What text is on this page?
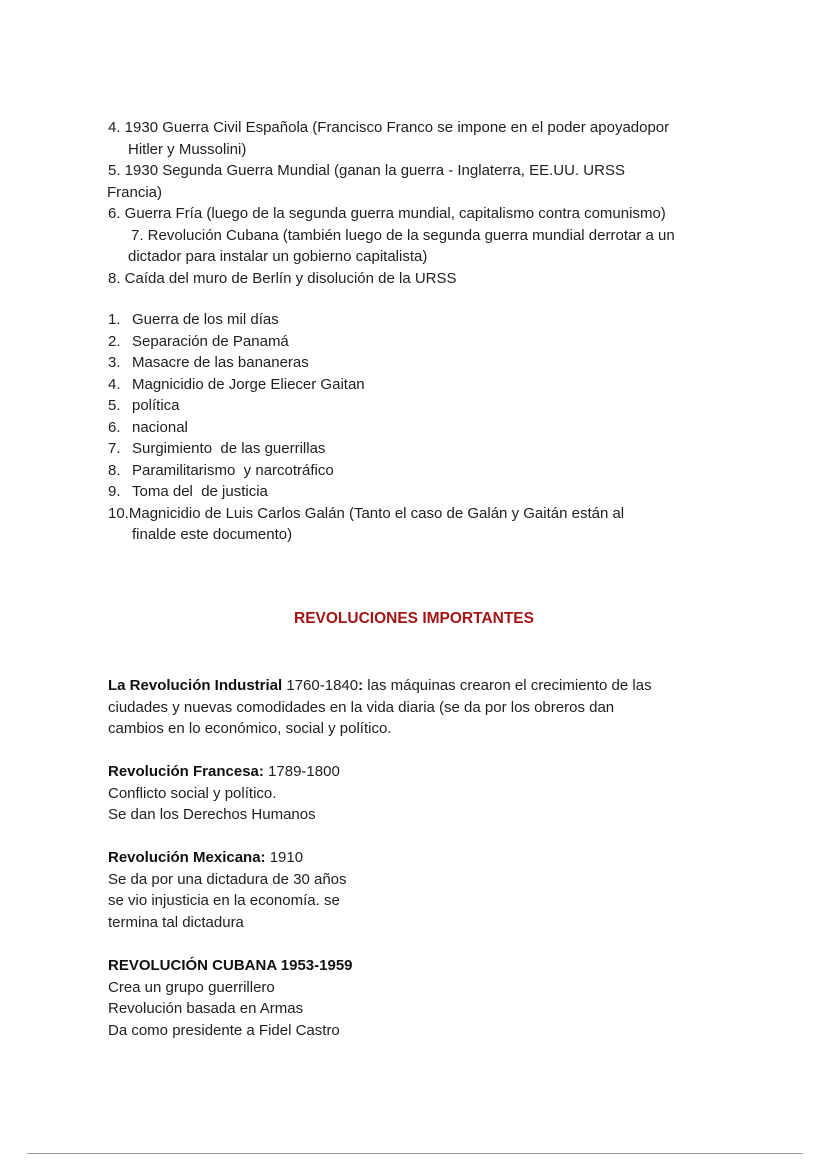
4. 1930 Guerra Civil Española (Francisco Franco se impone en el poder apoyadopor
Hitler y Mussolini)
5. 1930 Segunda Guerra Mundial (ganan la guerra - Inglaterra, EE.UU. URSS
Francia)
6. Guerra Fría (luego de la segunda guerra mundial, capitalismo contra comunismo)
7. Revolución Cubana (también luego de la segunda guerra mundial derrotar a un
dictador para instalar un gobierno capitalista)
8. Caída del muro de Berlín y disolución de la URSS
1. Guerra de los mil días
2. Separación de Panamá
3. Masacre de las bananeras
4. Magnicidio de Jorge Eliecer Gaitan
5. política
6. nacional
7. Surgimiento  de las guerrillas
8. Paramilitarismo  y narcotráfico
9. Toma del  de justicia
10. Magnicidio de Luis Carlos Galán (Tanto el caso de Galán y Gaitán están al
finalde este documento)
REVOLUCIONES IMPORTANTES
La Revolución Industrial 1760-1840: las máquinas crearon el crecimiento de las
ciudades y nuevas comodidades en la vida diaria (se da por los obreros dan
cambios en lo económico, social y político.
Revolución Francesa: 1789-1800
Conflicto social y político.
Se dan los Derechos Humanos
Revolución Mexicana: 1910
Se da por una dictadura de 30 años
se vio injusticia en la economía. se
termina tal dictadura
REVOLUCIÓN CUBANA 1953-1959
Crea un grupo guerrillero
Revolución basada en Armas
Da como presidente a Fidel Castro
